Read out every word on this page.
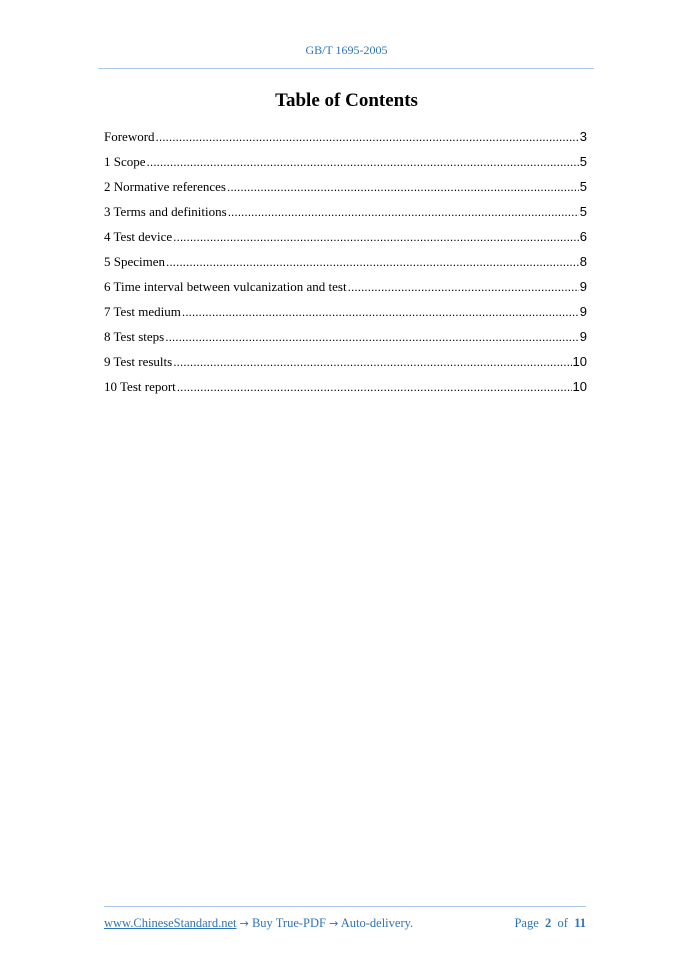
GB/T 1695-2005
Table of Contents
Foreword .....	3
1 Scope .....	5
2 Normative references .....	5
3 Terms and definitions .....	5
4 Test device .....	6
5 Specimen .....	8
6 Time interval between vulcanization and test .....	9
7 Test medium .....	9
8 Test steps .....	9
9 Test results .....	10
10 Test report .....	10
www.ChineseStandard.net → Buy True-PDF → Auto-delivery.	Page 2 of 11
